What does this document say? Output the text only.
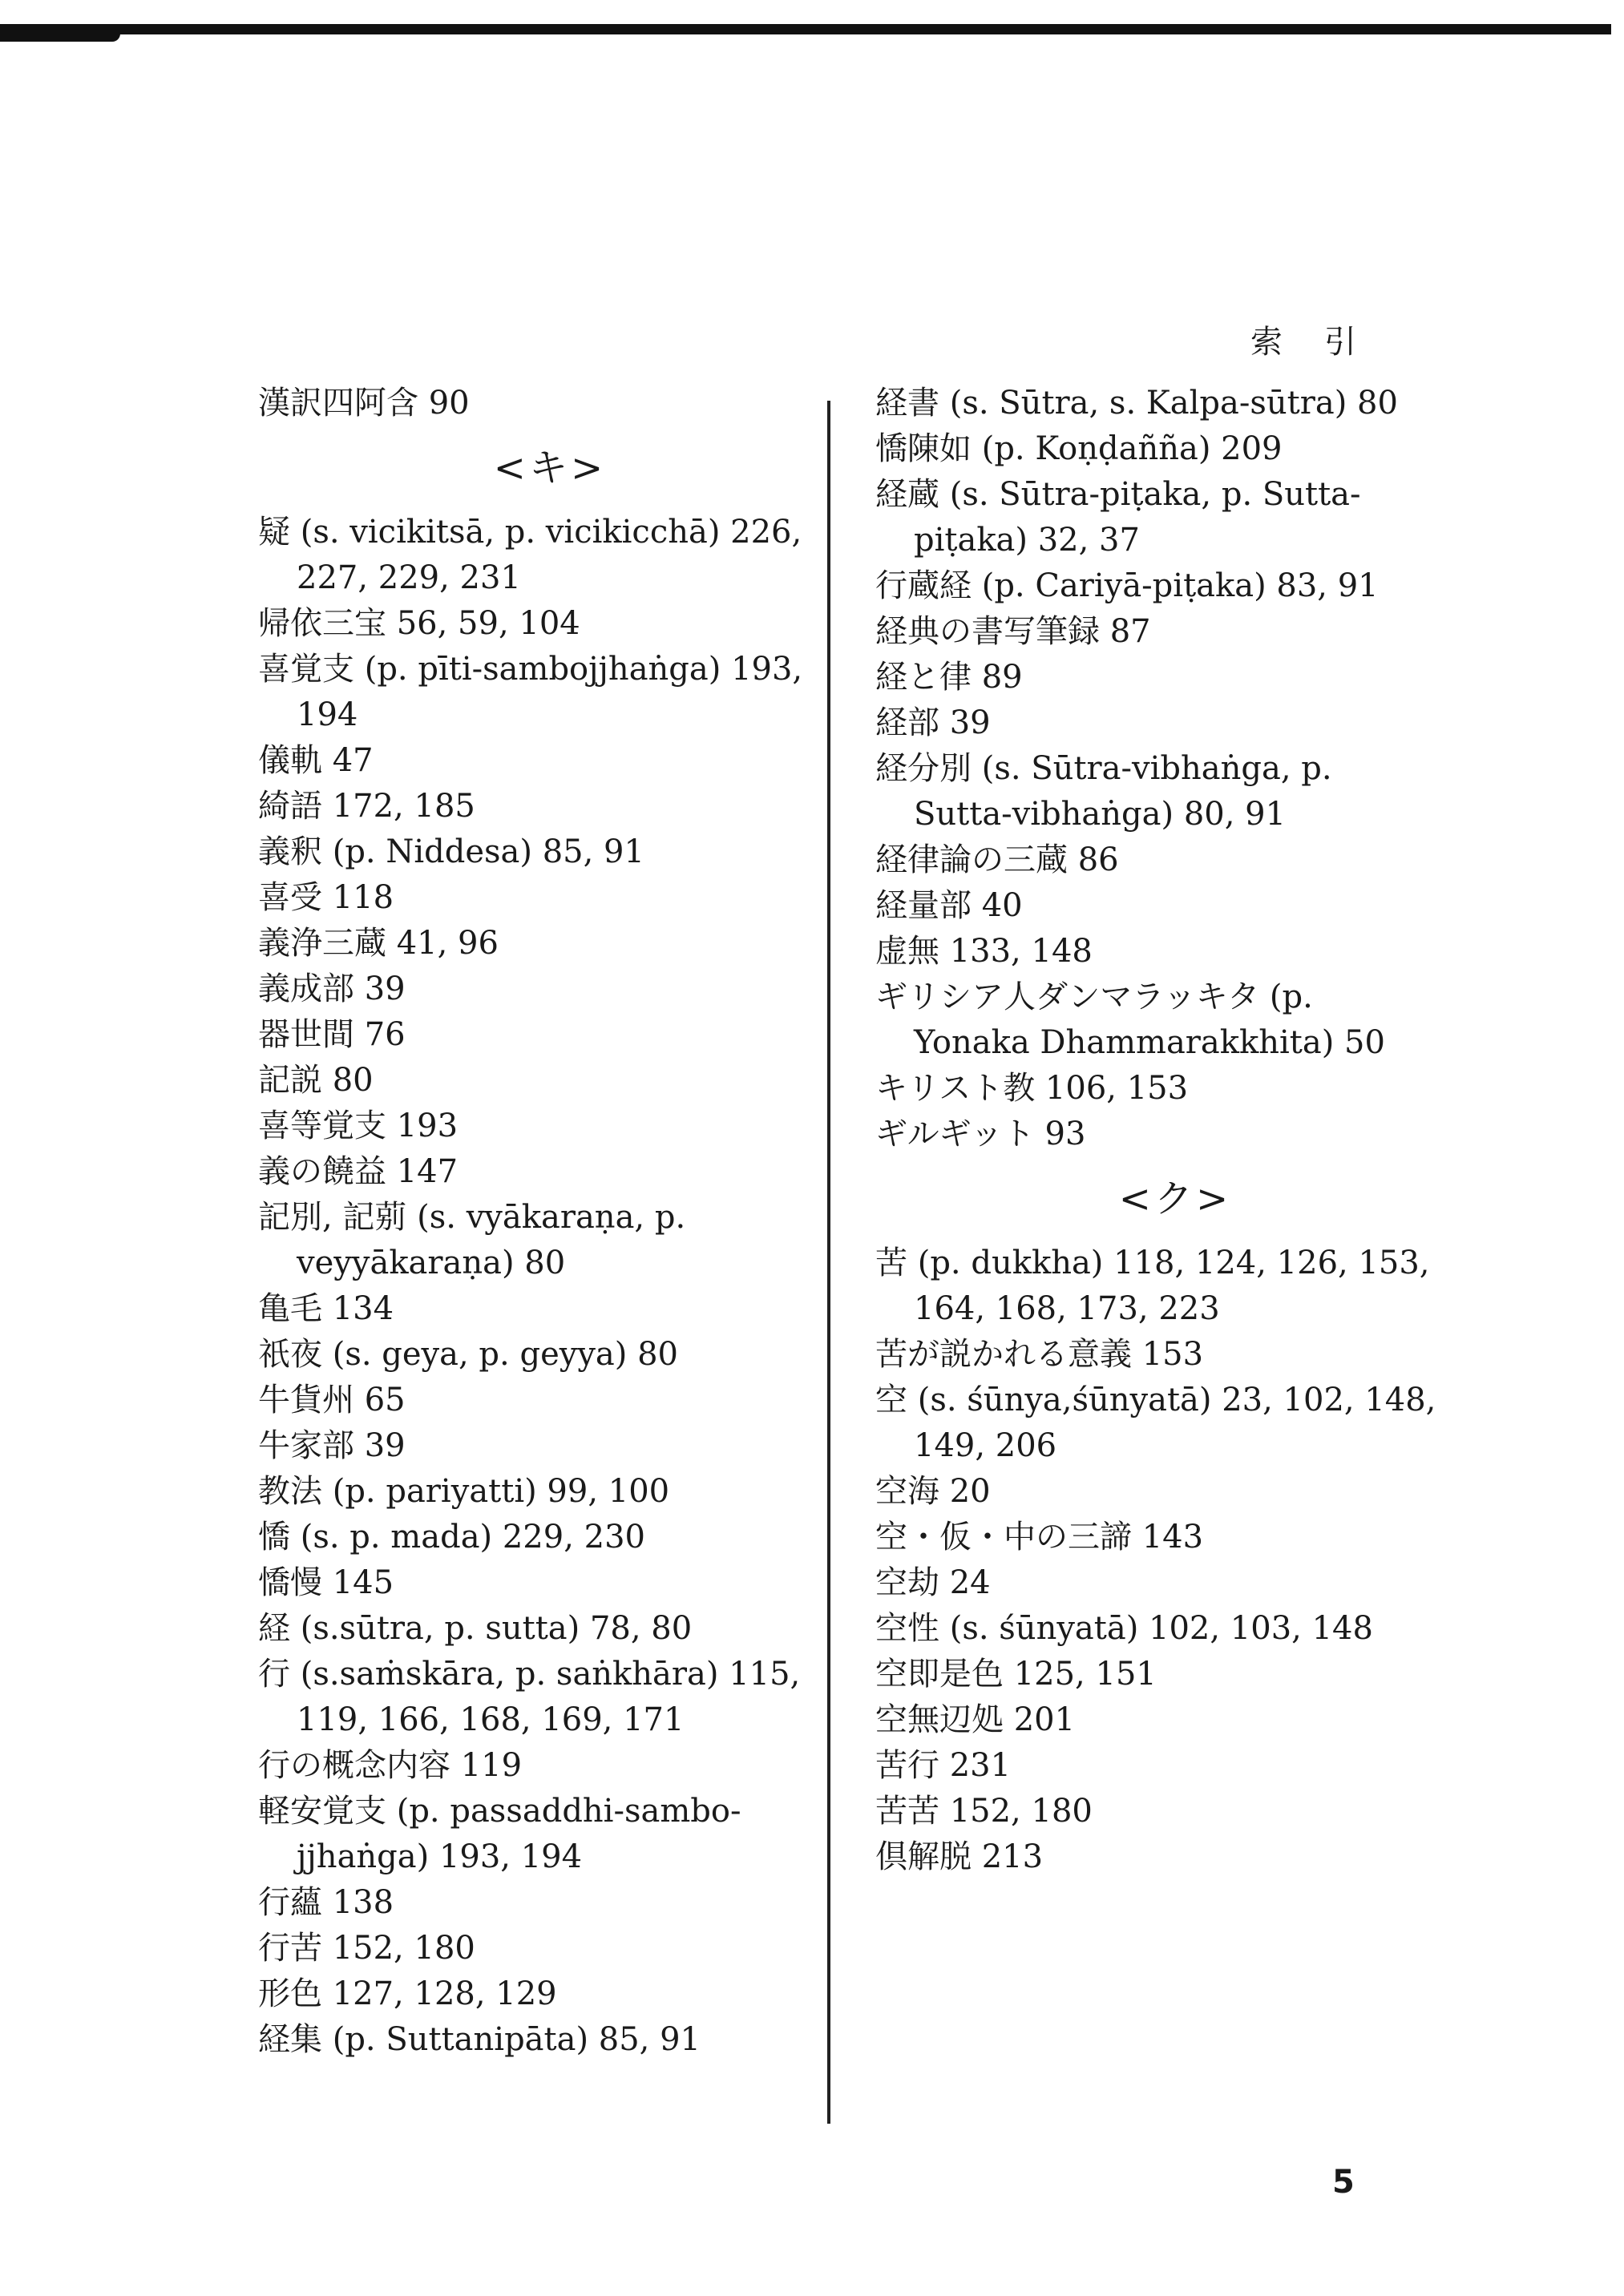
索引
漢訳四阿含 90
<キ>
疑 (s. vicikitsā, p. vicikicchā) 226, 227, 229, 231
帰依三宝 56, 59, 104
喜覚支 (p. pīti-sambojjhaṅga) 193, 194
儀軌 47
綺語 172, 185
義釈 (p. Niddesa) 85, 91
喜受 118
義浄三蔵 41, 96
義成部 39
器世間 76
記説 80
喜等覚支 193
義の饒益 147
記別, 記莂 (s. vyākaraṇa, p. veyyākaraṇa) 80
亀毛 134
祇夜 (s. geya, p. geyya) 80
牛貨州 65
牛家部 39
教法 (p. pariyatti) 99, 100
憍 (s. p. mada) 229, 230
憍慢 145
経 (s.sūtra, p. sutta) 78, 80
行 (s.saṁskāra, p. saṅkhāra) 115, 119, 166, 168, 169, 171
行の概念内容 119
軽安覚支 (p. passaddhi-sambo-jjhaṅga) 193, 194
行蘊 138
行苦 152, 180
形色 127, 128, 129
経集 (p. Suttanipāta) 85, 91
経書 (s. Sūtra, s. Kalpa-sūtra) 80
憍陳如 (p. Koṇḍañña) 209
経蔵 (s. Sūtra-piṭaka, p. Sutta-piṭaka) 32, 37
行蔵経 (p. Cariyā-piṭaka) 83, 91
経典の書写筆録 87
経と律 89
経部 39
経分別 (s. Sūtra-vibhaṅga, p. Sutta-vibhaṅga) 80, 91
経律論の三蔵 86
経量部 40
虚無 133, 148
ギリシア人ダンマラッキタ (p. Yonaka Dhammarakkhita) 50
キリスト教 106, 153
ギルギット 93
<ク>
苦 (p. dukkha) 118, 124, 126, 153, 164, 168, 173, 223
苦が説かれる意義 153
空 (s. śūnya,śūnyatā) 23, 102, 148, 149, 206
空海 20
空・仮・中の三諦 143
空劫 24
空性 (s. śūnyatā) 102, 103, 148
空即是色 125, 151
空無辺処 201
苦行 231
苦苦 152, 180
倶解脱 213
5
